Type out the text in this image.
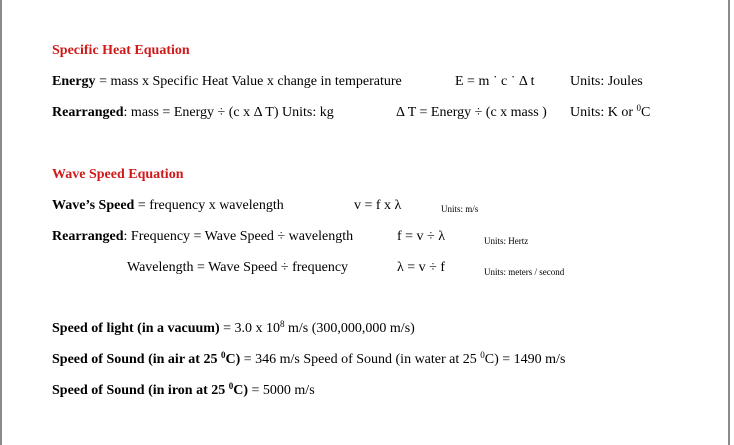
Specific Heat Equation
Energy = mass x Specific Heat Value x change in temperature	E = m ˙ c ˙ Δ t	Units: Joules
Rearranged: mass = Energy ÷ (c x Δ T) Units: kg	Δ T = Energy ÷ (c x mass ) Units: K or $^0$C
Wave Speed Equation
Wave’s Speed = frequency x wavelength	v = f x λ	Units: m/s
Rearranged: Frequency = Wave Speed ÷ wavelength	f = v ÷ λ	Units: Hertz
Wavelength = Wave Speed ÷ frequency	λ = v ÷ f	Units: meters / second
Speed of light (in a vacuum) = 3.0 x $10^8$ m/s (300,000,000 m/s)
Speed of Sound (in air at 25 $^0$C) = 346 m/s Speed of Sound (in water at 25 $^0$C) = 1490 m/s
Speed of Sound (in iron at 25 $^0$C) = 5000 m/s
